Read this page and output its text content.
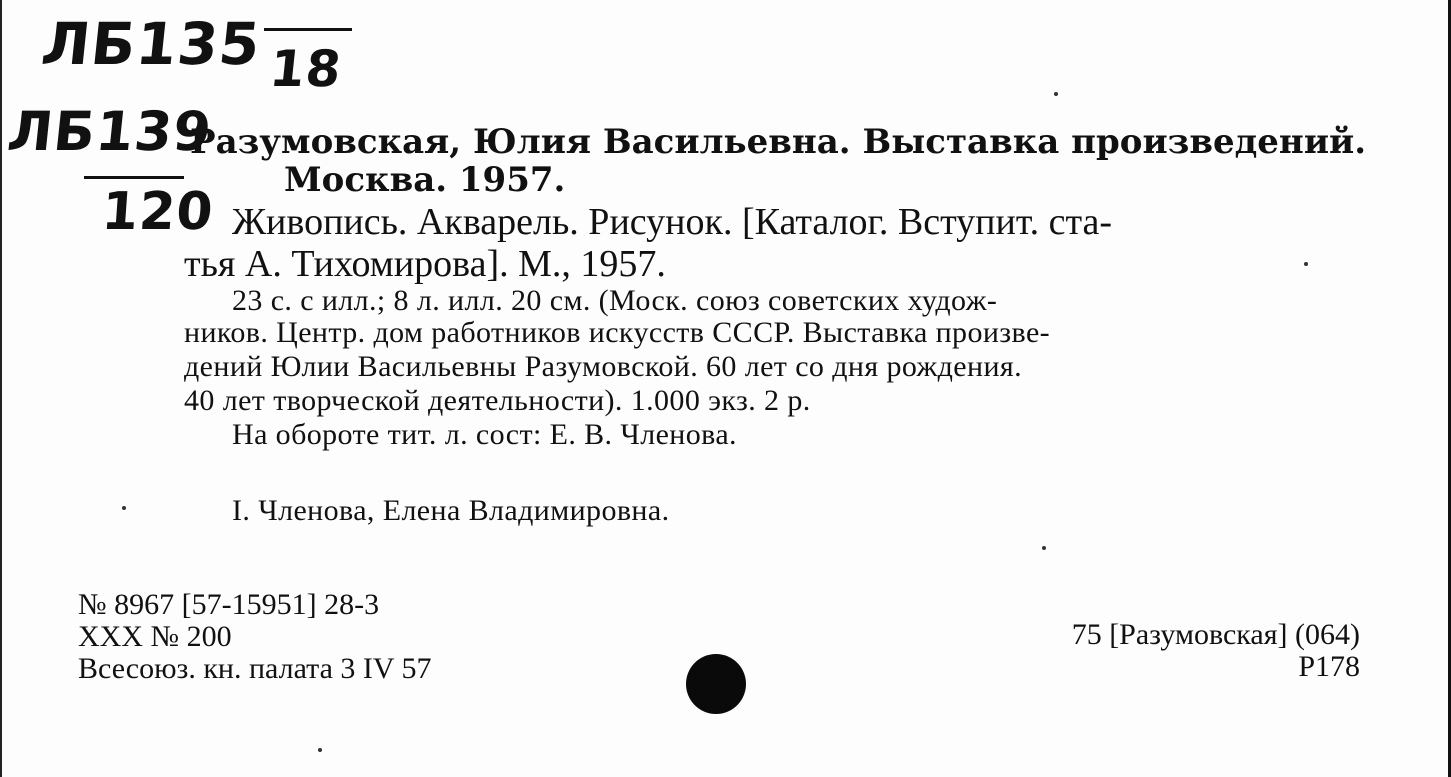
ЛБ135 18
ЛБ139
120
Разумовская, Юлия Васильевна. Выставка произведений.
Москва. 1957.
Живопись. Акварель. Рисунок. [Каталог. Вступит. ста-
тья А. Тихомирова]. М., 1957.
23 с. с илл.; 8 л. илл. 20 см. (Моск. союз советских худож-
ников. Центр. дом работников искусств СССР. Выставка произве-
дений Юлии Васильевны Разумовской. 60 лет со дня рождения.
40 лет творческой деятельности). 1.000 экз. 2 р.
На обороте тит. л. сост: Е. В. Членова.
I. Членова, Елена Владимировна.
№ 8967 [57-15951] 28-3
XXX № 200
Всесоюз. кн. палата 3 IV 57
75 [Разумовская] (064)
Р178
